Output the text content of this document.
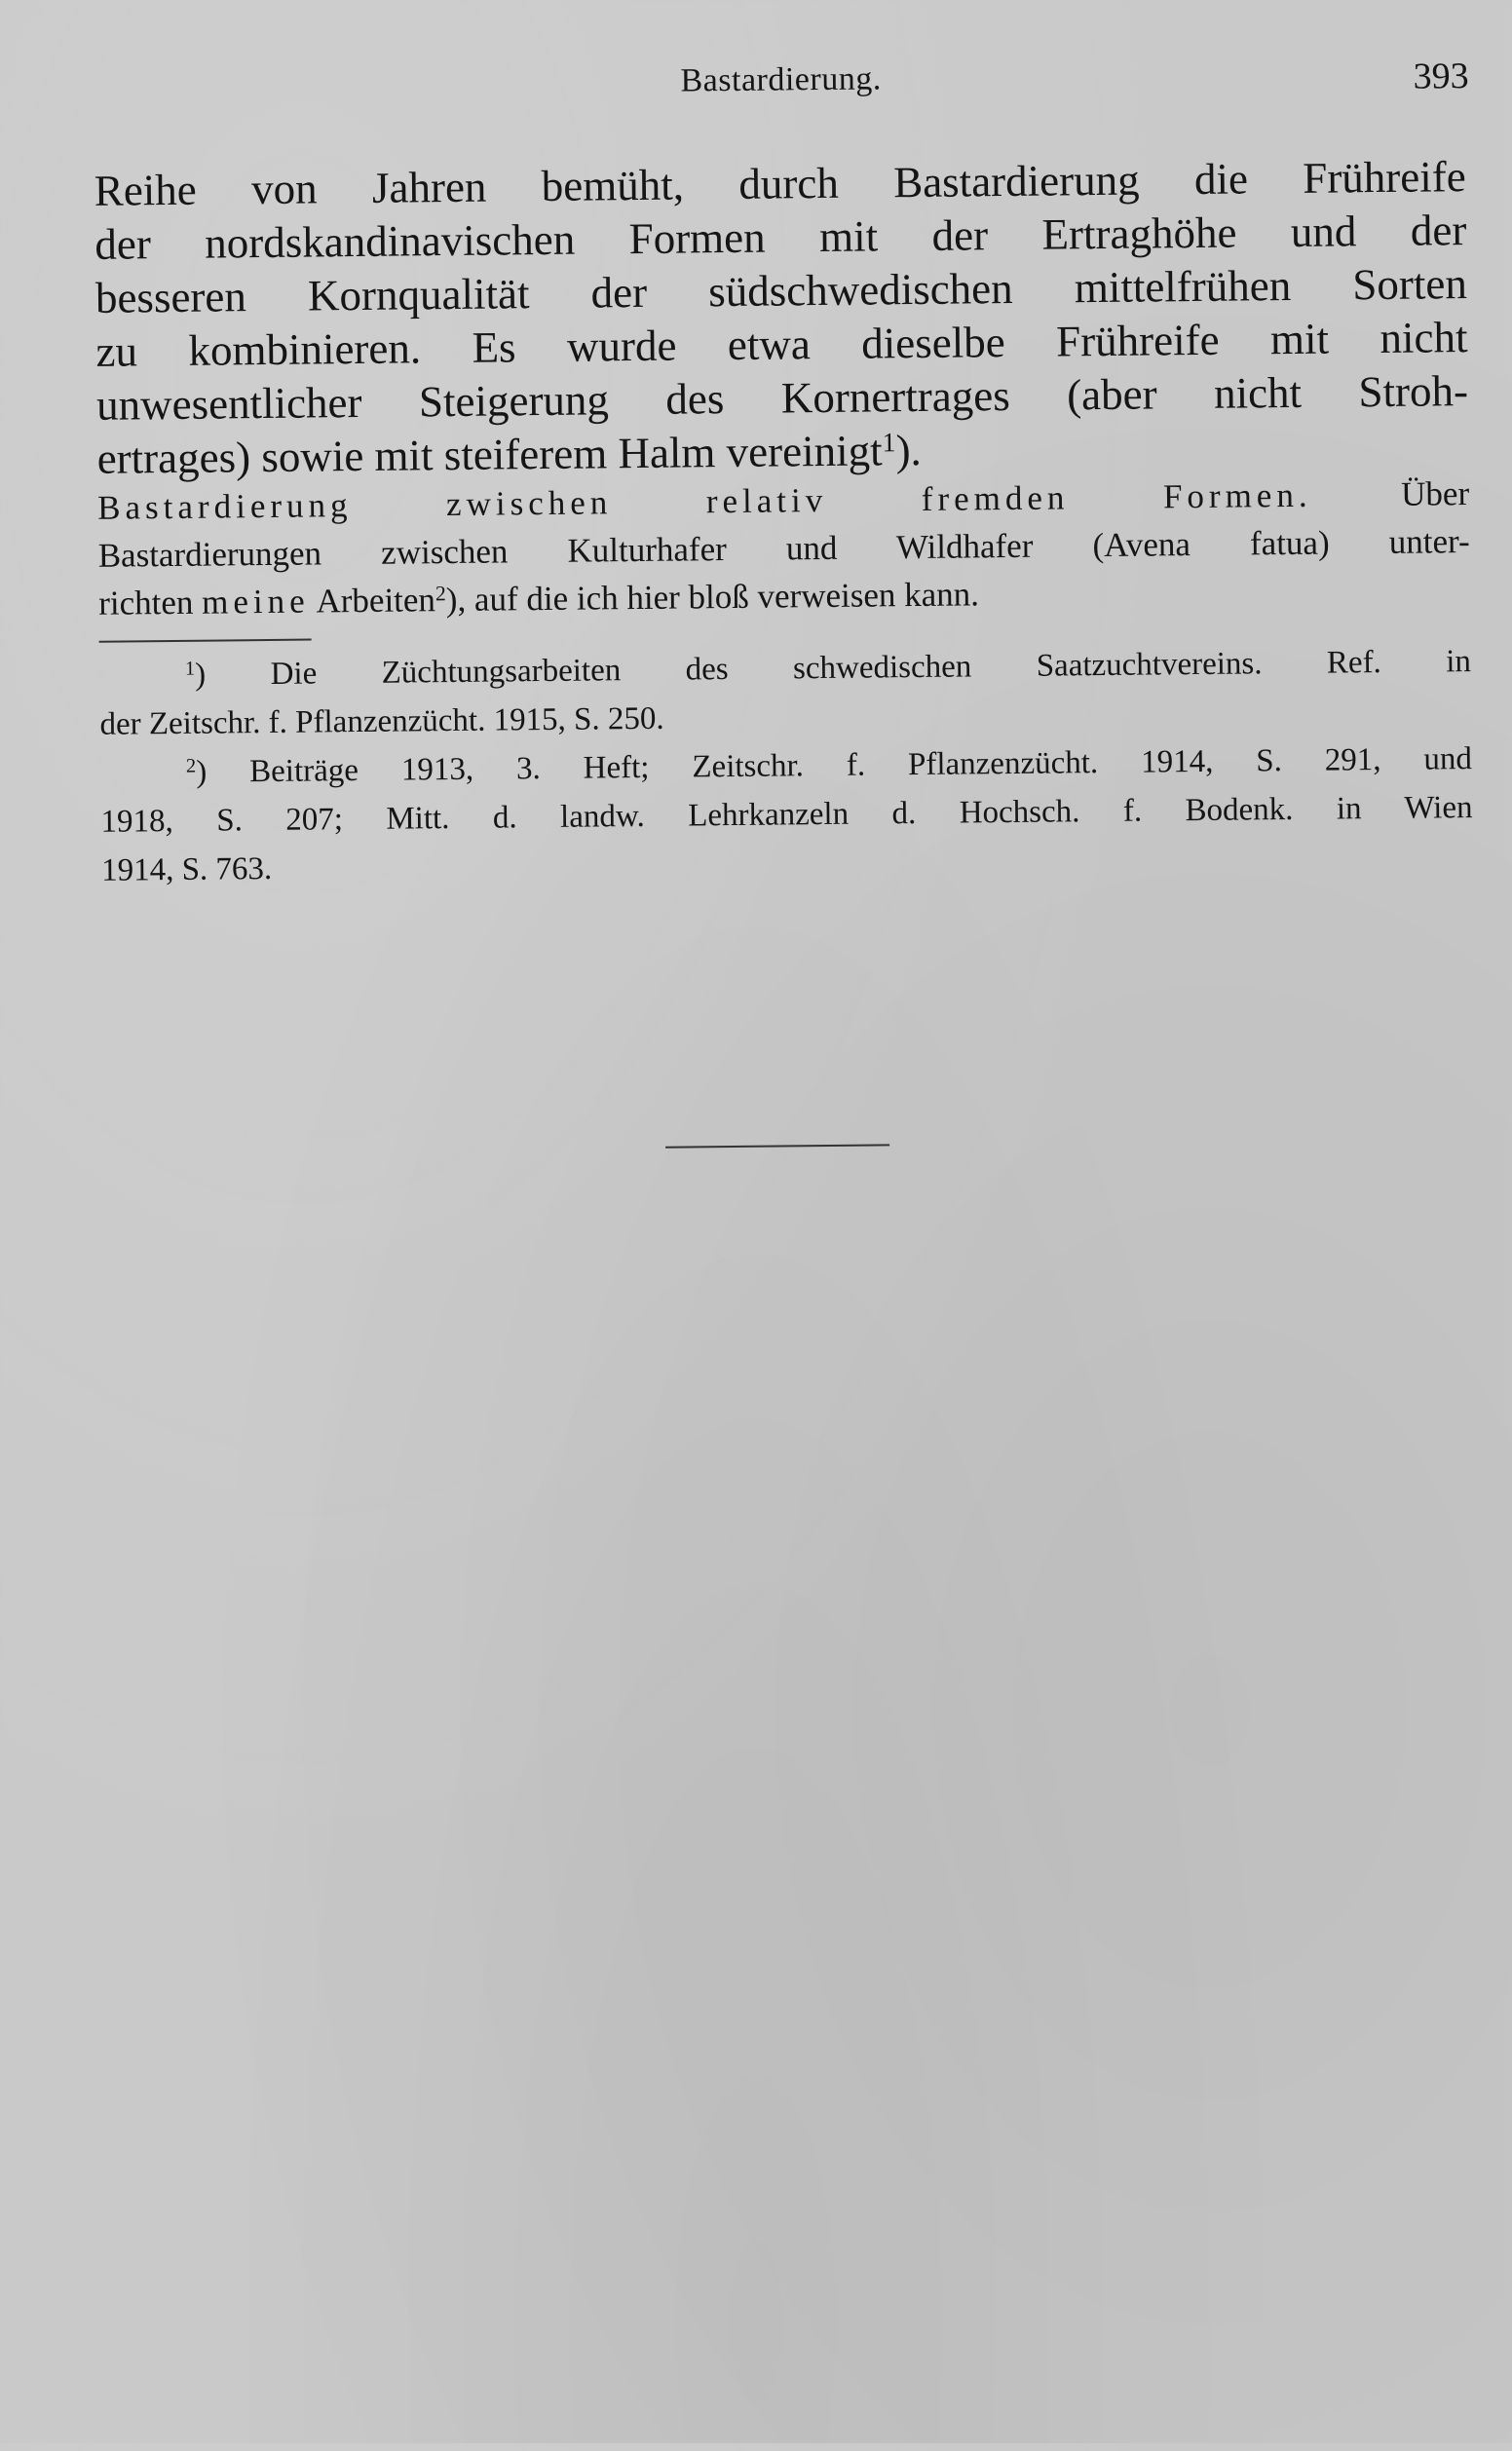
Bastardierung.	393
Reihe von Jahren bemüht, durch Bastardierung die Frühreife
der nordskandinavischen Formen mit der Ertraghöhe und der
besseren Kornqualität der südschwedischen mittelfrühen Sorten
zu kombinieren. Es wurde etwa dieselbe Frühreife mit nicht
unwesentlicher Steigerung des Kornertrages (aber nicht Stroh-
ertrages) sowie mit steiferem Halm vereinigt$^1$).
Bastardierung zwischen relativ fremden Formen.	Über
Bastardierungen zwischen Kulturhafer und Wildhafer (Avena fatua) unter-
richten meine Arbeiten$^2$), auf die ich hier bloß verweisen kann.
$^1$) Die Züchtungsarbeiten des schwedischen Saatzuchtvereins. Ref. in
der Zeitschr. f. Pflanzenzücht. 1915, S. 250.
$^2$) Beiträge 1913, 3. Heft; Zeitschr. f. Pflanzenzücht. 1914, S. 291, und
1918, S. 207; Mitt. d. landw. Lehrkanzeln d. Hochsch. f. Bodenk. in Wien
1914, S. 763.
